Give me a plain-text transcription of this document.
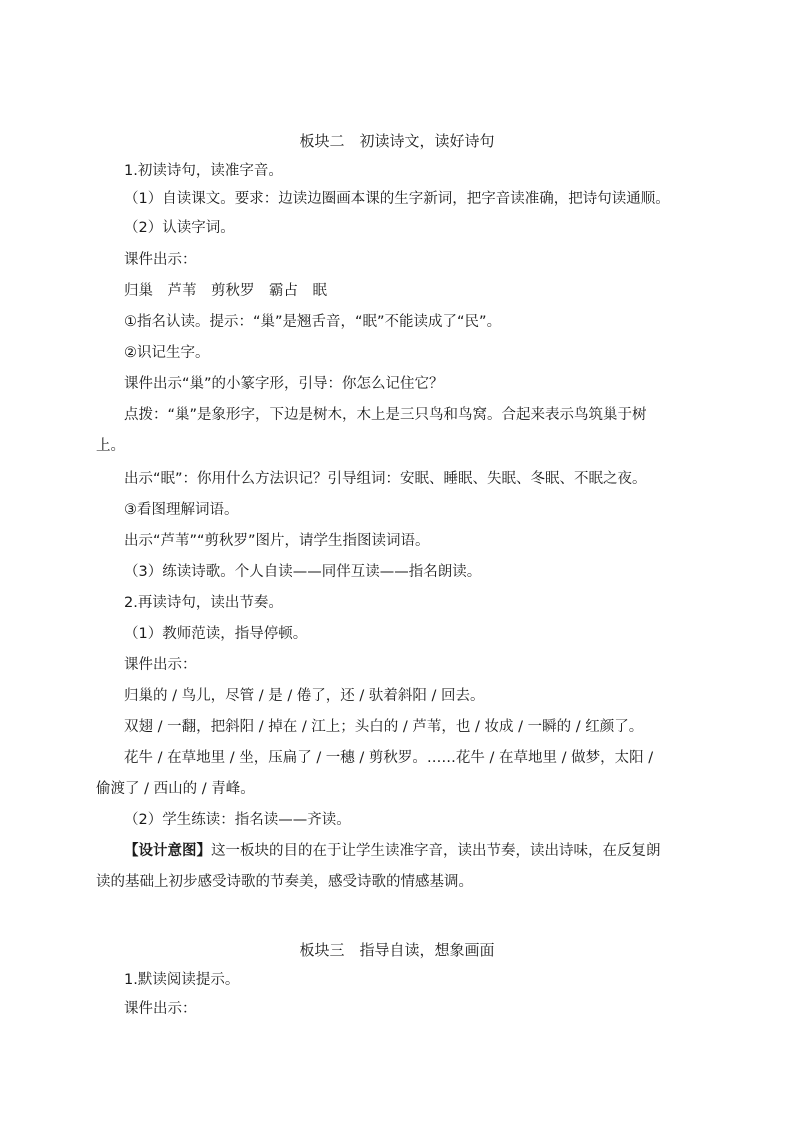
板块二　初读诗文，读好诗句
1.初读诗句，读准字音。
（1）自读课文。要求：边读边圈画本课的生字新词，把字音读准确，把诗句读通顺。
（2）认读字词。
课件出示：
归巢　芦苇　剪秋罗　霸占　眠
①指名认读。提示：“巢”是翘舌音，“眠”不能读成了“民”。
②识记生字。
课件出示“巢”的小篆字形，引导：你怎么记住它？
点拨：“巢”是象形字，下边是树木，木上是三只鸟和鸟窝。合起来表示鸟筑巢于树
上。
出示“眠”：你用什么方法识记？引导组词：安眠、睡眠、失眠、冬眠、不眠之夜。
③看图理解词语。
出示“芦苇”“剪秋罗”图片，请学生指图读词语。
（3）练读诗歌。个人自读——同伴互读——指名朗读。
2.再读诗句，读出节奏。
（1）教师范读，指导停顿。
课件出示：
归巢的 / 鸟儿，尽管 / 是 / 倦了，还 / 驮着斜阳 / 回去。
双翅 / 一翻，把斜阳 / 掉在 / 江上；头白的 / 芦苇，也 / 妆成 / 一瞬的 / 红颜了。
花牛 / 在草地里 / 坐，压扁了 / 一穗 / 剪秋罗。……花牛 / 在草地里 / 做梦，太阳 /
偷渡了 / 西山的 / 青峰。
（2）学生练读：指名读——齐读。
【设计意图】这一板块的目的在于让学生读准字音，读出节奏，读出诗味，在反复朗
读的基础上初步感受诗歌的节奏美，感受诗歌的情感基调。
板块三　指导自读，想象画面
1.默读阅读提示。
课件出示：
